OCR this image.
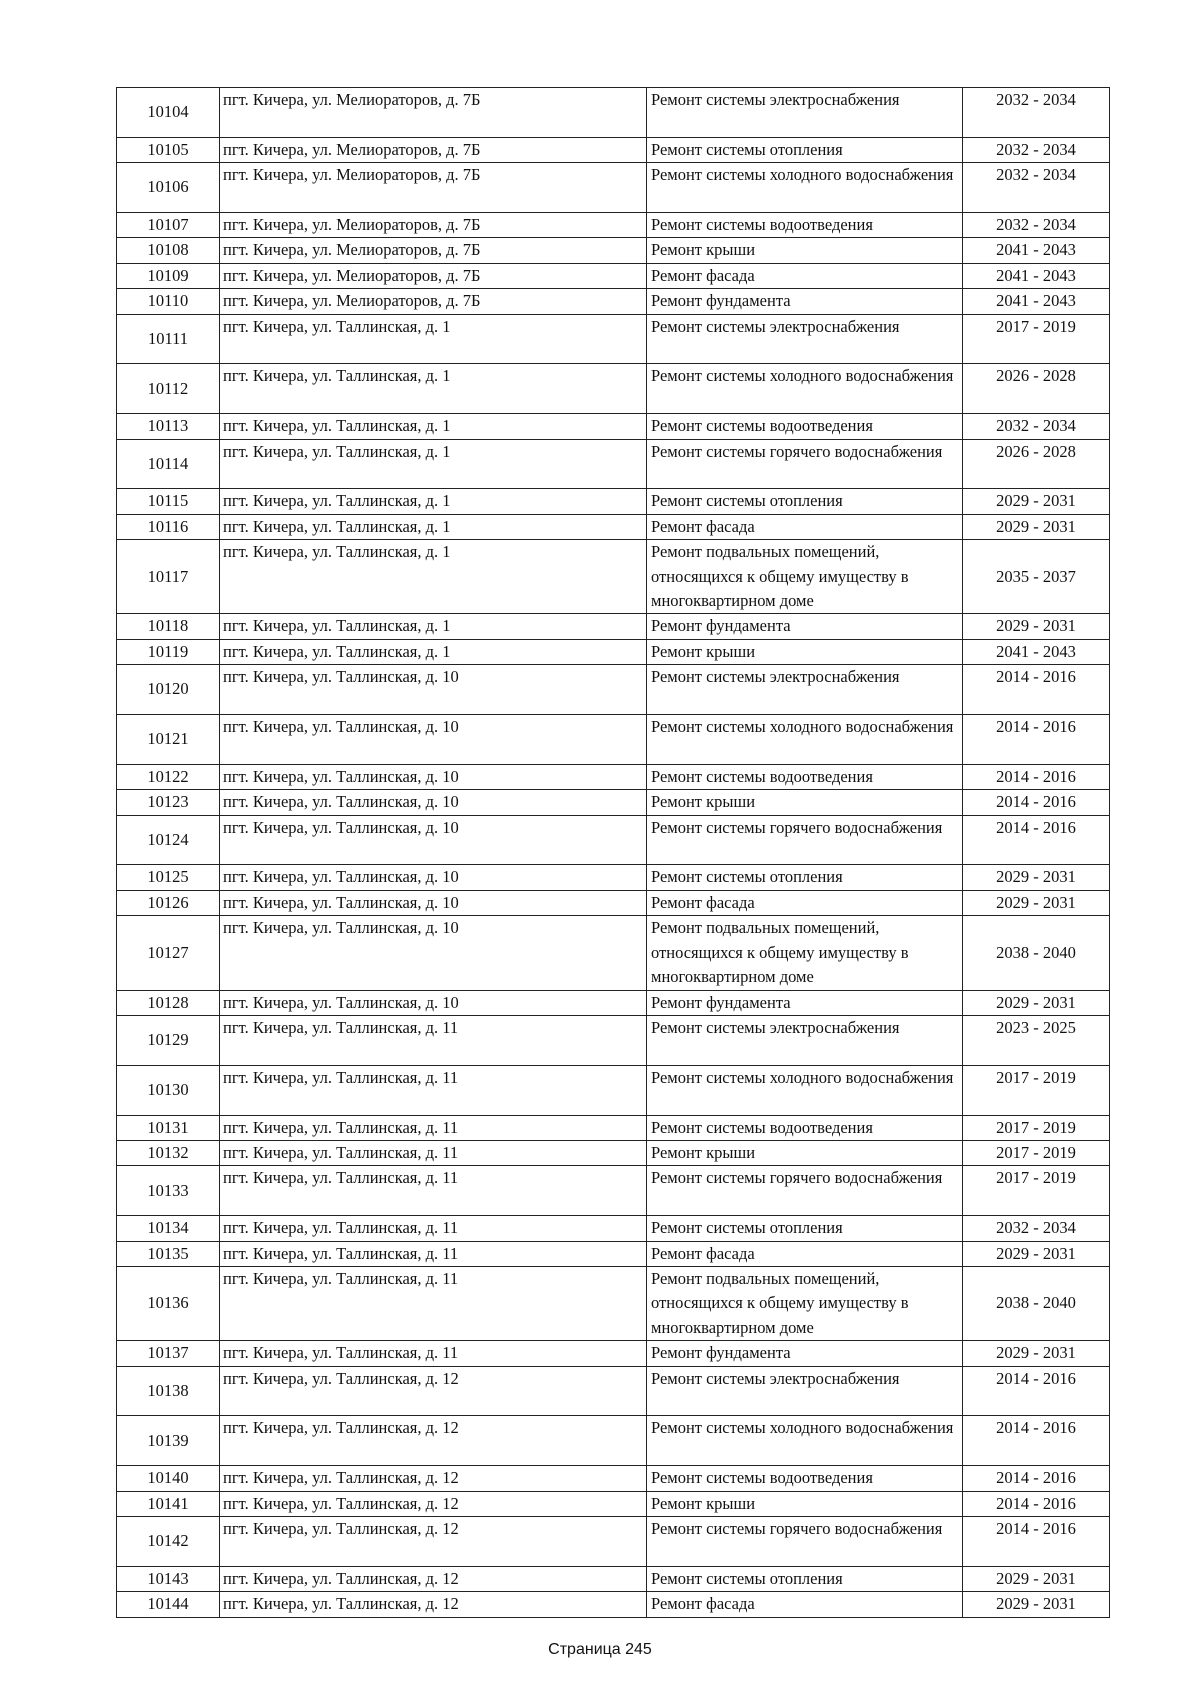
10104	пгт. Кичера, ул. Мелиораторов, д. 7Б	Ремонт системы электроснабжения	2032 - 2034
10105	пгт. Кичера, ул. Мелиораторов, д. 7Б	Ремонт системы отопления	2032 - 2034
10106	пгт. Кичера, ул. Мелиораторов, д. 7Б	Ремонт системы холодного водоснабжения	2032 - 2034
10107	пгт. Кичера, ул. Мелиораторов, д. 7Б	Ремонт системы водоотведения	2032 - 2034
10108	пгт. Кичера, ул. Мелиораторов, д. 7Б	Ремонт крыши	2041 - 2043
10109	пгт. Кичера, ул. Мелиораторов, д. 7Б	Ремонт фасада	2041 - 2043
10110	пгт. Кичера, ул. Мелиораторов, д. 7Б	Ремонт фундамента	2041 - 2043
10111	пгт. Кичера, ул. Таллинская, д. 1	Ремонт системы электроснабжения	2017 - 2019
10112	пгт. Кичера, ул. Таллинская, д. 1	Ремонт системы холодного водоснабжения	2026 - 2028
10113	пгт. Кичера, ул. Таллинская, д. 1	Ремонт системы водоотведения	2032 - 2034
10114	пгт. Кичера, ул. Таллинская, д. 1	Ремонт системы горячего водоснабжения	2026 - 2028
10115	пгт. Кичера, ул. Таллинская, д. 1	Ремонт системы отопления	2029 - 2031
10116	пгт. Кичера, ул. Таллинская, д. 1	Ремонт фасада	2029 - 2031
10117	пгт. Кичера, ул. Таллинская, д. 1	Ремонт подвальных помещений, относящихся к общему имуществу в многоквартирном доме	2035 - 2037
10118	пгт. Кичера, ул. Таллинская, д. 1	Ремонт фундамента	2029 - 2031
10119	пгт. Кичера, ул. Таллинская, д. 1	Ремонт крыши	2041 - 2043
10120	пгт. Кичера, ул. Таллинская, д. 10	Ремонт системы электроснабжения	2014 - 2016
10121	пгт. Кичера, ул. Таллинская, д. 10	Ремонт системы холодного водоснабжения	2014 - 2016
10122	пгт. Кичера, ул. Таллинская, д. 10	Ремонт системы водоотведения	2014 - 2016
10123	пгт. Кичера, ул. Таллинская, д. 10	Ремонт крыши	2014 - 2016
10124	пгт. Кичера, ул. Таллинская, д. 10	Ремонт системы горячего водоснабжения	2014 - 2016
10125	пгт. Кичера, ул. Таллинская, д. 10	Ремонт системы отопления	2029 - 2031
10126	пгт. Кичера, ул. Таллинская, д. 10	Ремонт фасада	2029 - 2031
10127	пгт. Кичера, ул. Таллинская, д. 10	Ремонт подвальных помещений, относящихся к общему имуществу в многоквартирном доме	2038 - 2040
10128	пгт. Кичера, ул. Таллинская, д. 10	Ремонт фундамента	2029 - 2031
10129	пгт. Кичера, ул. Таллинская, д. 11	Ремонт системы электроснабжения	2023 - 2025
10130	пгт. Кичера, ул. Таллинская, д. 11	Ремонт системы холодного водоснабжения	2017 - 2019
10131	пгт. Кичера, ул. Таллинская, д. 11	Ремонт системы водоотведения	2017 - 2019
10132	пгт. Кичера, ул. Таллинская, д. 11	Ремонт крыши	2017 - 2019
10133	пгт. Кичера, ул. Таллинская, д. 11	Ремонт системы горячего водоснабжения	2017 - 2019
10134	пгт. Кичера, ул. Таллинская, д. 11	Ремонт системы отопления	2032 - 2034
10135	пгт. Кичера, ул. Таллинская, д. 11	Ремонт фасада	2029 - 2031
10136	пгт. Кичера, ул. Таллинская, д. 11	Ремонт подвальных помещений, относящихся к общему имуществу в многоквартирном доме	2038 - 2040
10137	пгт. Кичера, ул. Таллинская, д. 11	Ремонт фундамента	2029 - 2031
10138	пгт. Кичера, ул. Таллинская, д. 12	Ремонт системы электроснабжения	2014 - 2016
10139	пгт. Кичера, ул. Таллинская, д. 12	Ремонт системы холодного водоснабжения	2014 - 2016
10140	пгт. Кичера, ул. Таллинская, д. 12	Ремонт системы водоотведения	2014 - 2016
10141	пгт. Кичера, ул. Таллинская, д. 12	Ремонт крыши	2014 - 2016
10142	пгт. Кичера, ул. Таллинская, д. 12	Ремонт системы горячего водоснабжения	2014 - 2016
10143	пгт. Кичера, ул. Таллинская, д. 12	Ремонт системы отопления	2029 - 2031
10144	пгт. Кичера, ул. Таллинская, д. 12	Ремонт фасада	2029 - 2031
Страница 245
